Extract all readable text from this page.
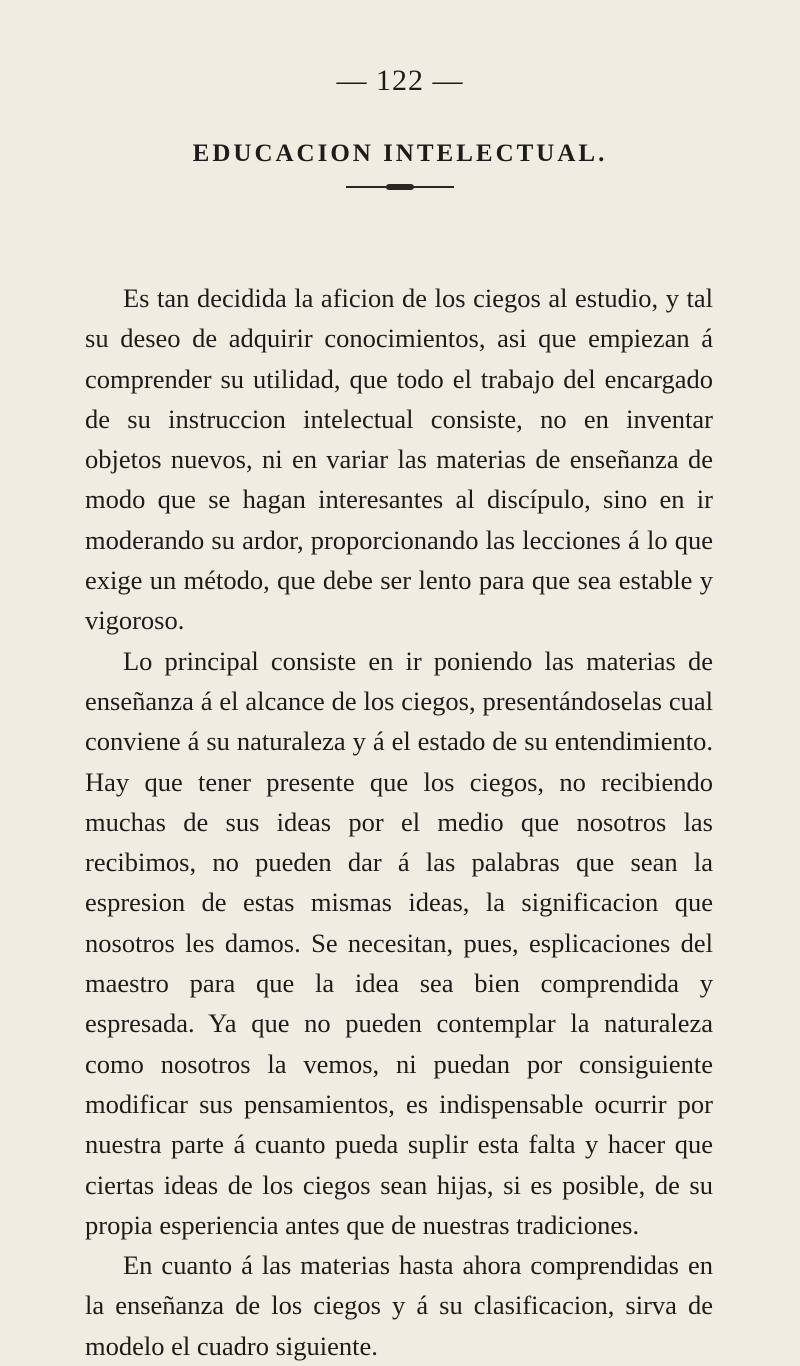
— 122 —
EDUCACION INTELECTUAL.

Es tan decidida la aficion de los ciegos al estudio, y tal su deseo de adquirir conocimientos, asi que empiezan á comprender su utilidad, que todo el trabajo del encargado de su instruccion intelectual consiste, no en inventar objetos nuevos, ni en variar las materias de enseñanza de modo que se hagan interesantes al discípulo, sino en ir moderando su ardor, proporcionando las lecciones á lo que exige un método, que debe ser lento para que sea estable y vigoroso.

Lo principal consiste en ir poniendo las materias de enseñanza á el alcance de los ciegos, presentándoselas cual conviene á su naturaleza y á el estado de su entendimiento. Hay que tener presente que los ciegos, no recibiendo muchas de sus ideas por el medio que nosotros las recibimos, no pueden dar á las palabras que sean la espresion de estas mismas ideas, la significacion que nosotros les damos. Se necesitan, pues, esplicaciones del maestro para que la idea sea bien comprendida y espresada. Ya que no pueden contemplar la naturaleza como nosotros la vemos, ni puedan por consiguiente modificar sus pensamientos, es indispensable ocurrir por nuestra parte á cuanto pueda suplir esta falta y hacer que ciertas ideas de los ciegos sean hijas, si es posible, de su propia esperiencia antes que de nuestras tradiciones.

En cuanto á las materias hasta ahora comprendidas en la enseñanza de los ciegos y á su clasificacion, sirva de modelo el cuadro siguiente.
